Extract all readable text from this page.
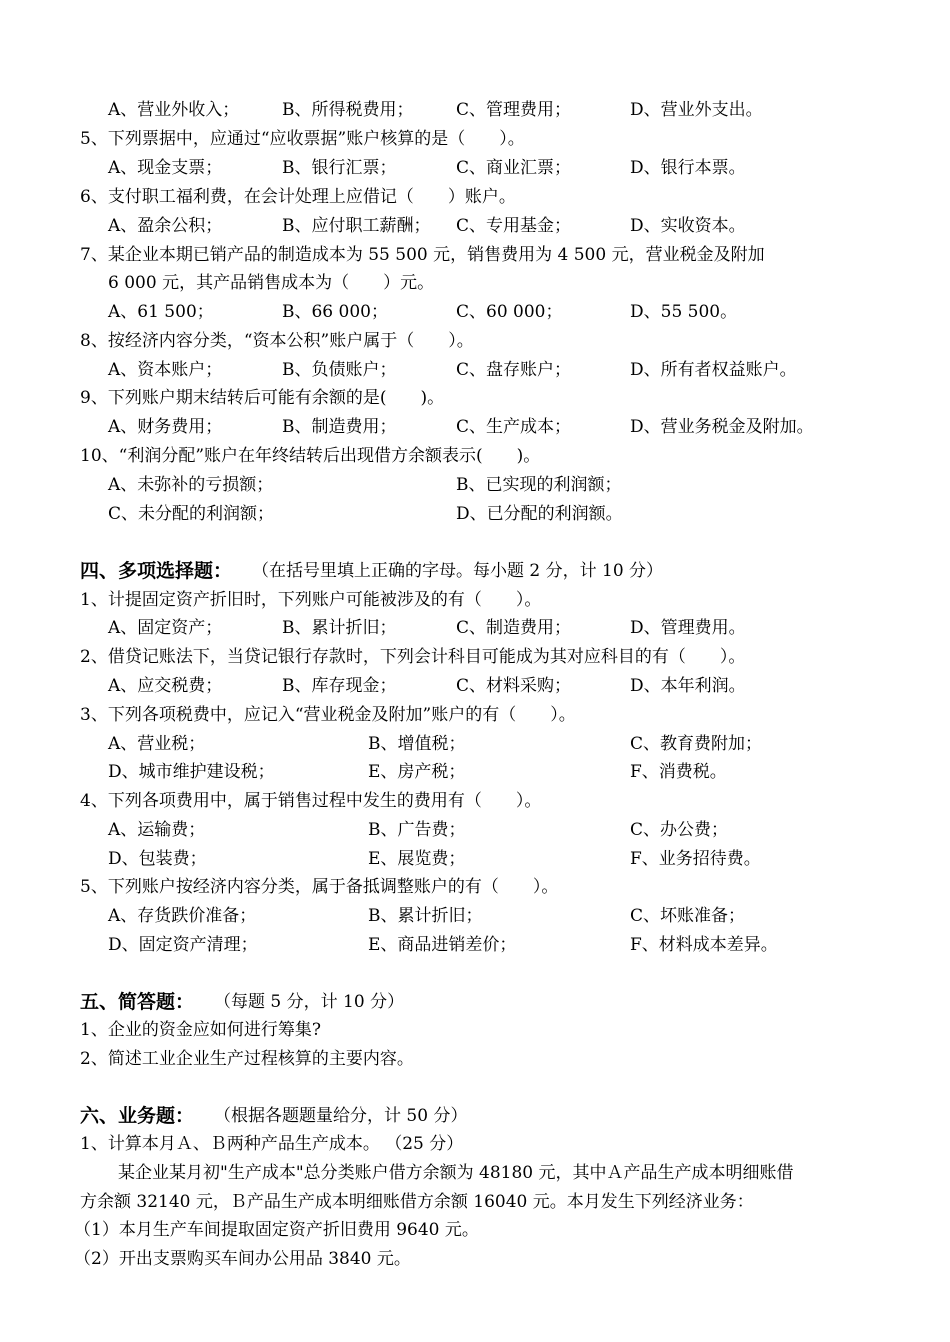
A、营业外收入；	B、所得税费用；	C、管理费用；	D、营业外支出。
5、下列票据中，应通过“应收票据”账户核算的是（　　）。
A、现金支票；	B、银行汇票；	C、商业汇票；	D、银行本票。
6、支付职工福利费，在会计处理上应借记（　　）账户。
A、盈余公积；	B、应付职工薪酬； C、专用基金；	D、实收资本。
7、某企业本期已销产品的制造成本为 55 500 元，销售费用为 4 500 元，营业税金及附加
6 000 元，其产品销售成本为（　　）元。
A、61 500；	B、66 000；	C、60 000；	D、55 500。
8、按经济内容分类，“资本公积”账户属于（　　）。
A、资本账户；	B、负债账户；	C、盘存账户；	D、所有者权益账户。
9、下列账户期末结转后可能有余额的是(　　)。
A、财务费用；	B、制造费用；	C、生产成本；	D、营业务税金及附加。
10、“利润分配”账户在年终结转后出现借方余额表示(　　)。
A、未弥补的亏损额；	B、已实现的利润额；
C、未分配的利润额；	D、已分配的利润额。
四、多项选择题： （在括号里填上正确的字母。每小题 2 分，计 10 分）
1、计提固定资产折旧时，下列账户可能被涉及的有（　　）。
A、固定资产；	B、累计折旧；	C、制造费用；	D、管理费用。
2、借贷记账法下，当贷记银行存款时，下列会计科目可能成为其对应科目的有（　　）。
A、应交税费；	B、库存现金；	C、材料采购；	D、本年利润。
3、下列各项税费中，应记入“营业税金及附加”账户的有（　　）。
A、营业税；	B、增值税；	C、教育费附加；
D、城市维护建设税；	E、房产税；	F、消费税。
4、下列各项费用中，属于销售过程中发生的费用有（　　）。
A、运输费；	B、广告费；	C、办公费；
D、包装费；	E、展览费；	F、业务招待费。
5、下列账户按经济内容分类，属于备抵调整账户的有（　　）。
A、存货跌价准备；	B、累计折旧；	C、坏账准备；
D、固定资产清理；	E、商品进销差价；	F、材料成本差异。
五、简答题： （每题 5 分，计 10 分）
1、企业的资金应如何进行筹集?
2、简述工业企业生产过程核算的主要内容。
六、业务题： （根据各题题量给分，计 50 分）
1、计算本月Ａ、Ｂ两种产品生产成本。 （25 分）
某企业某月初"生产成本"总分类账户借方余额为 48180 元，其中Ａ产品生产成本明细账借
方余额 32140 元，Ｂ产品生产成本明细账借方余额 16040 元。本月发生下列经济业务：
（1）本月生产车间提取固定资产折旧费用 9640 元。
（2）开出支票购买车间办公用品 3840 元。
